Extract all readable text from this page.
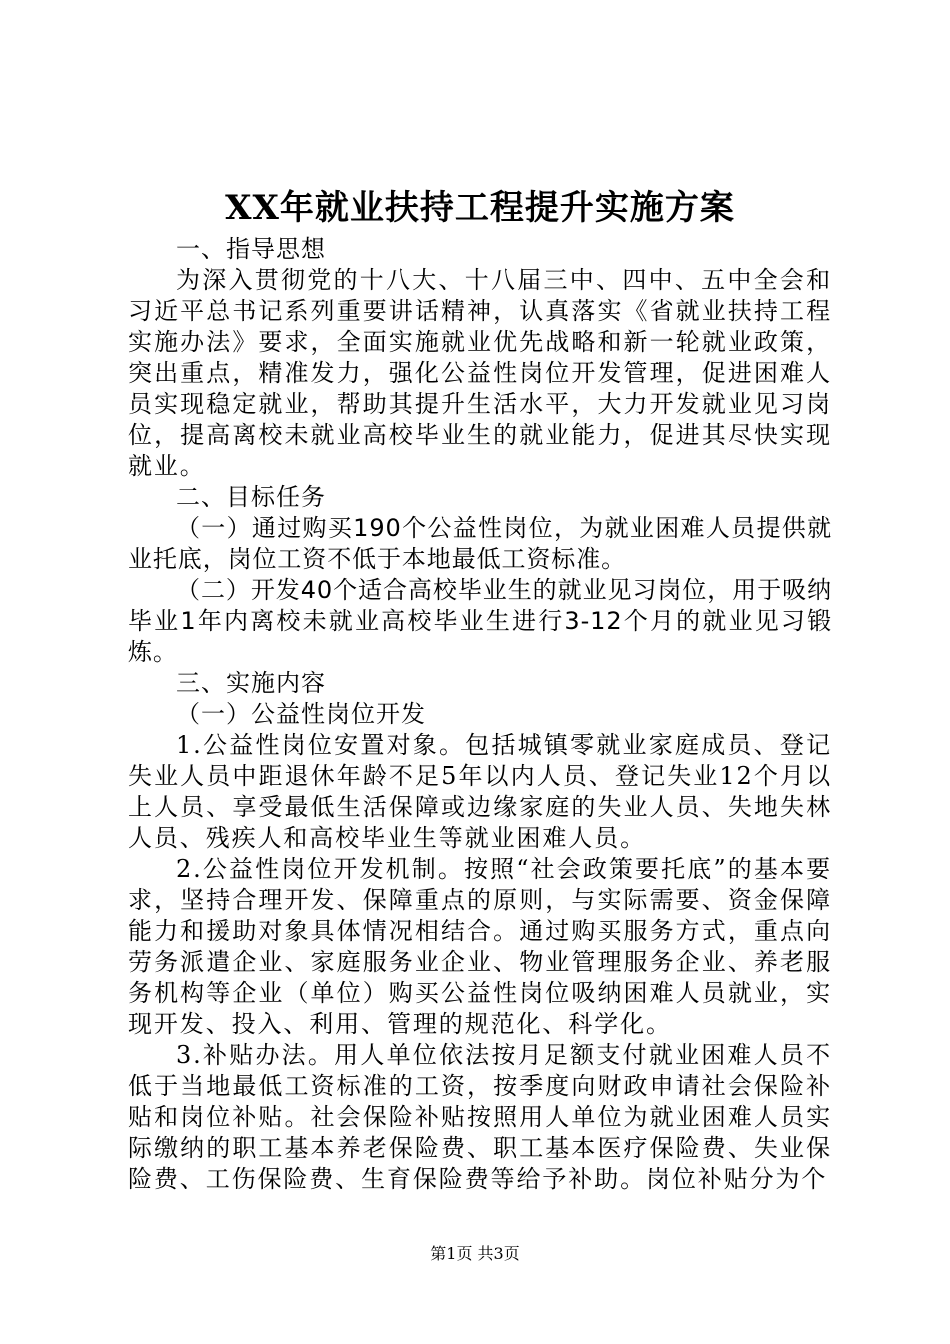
XX年就业扶持工程提升实施方案

一、指导思想

为深入贯彻党的十八大、十八届三中、四中、五中全会和习近平总书记系列重要讲话精神，认真落实《省就业扶持工程实施办法》要求，全面实施就业优先战略和新一轮就业政策，突出重点，精准发力，强化公益性岗位开发管理，促进困难人员实现稳定就业，帮助其提升生活水平，大力开发就业见习岗位，提高离校未就业高校毕业生的就业能力，促进其尽快实现就业。

二、目标任务

（一）通过购买190个公益性岗位，为就业困难人员提供就业托底，岗位工资不低于本地最低工资标准。

（二）开发40个适合高校毕业生的就业见习岗位，用于吸纳毕业1年内离校未就业高校毕业生进行3-12个月的就业见习锻炼。

三、实施内容

（一）公益性岗位开发

1.公益性岗位安置对象。包括城镇零就业家庭成员、登记失业人员中距退休年龄不足5年以内人员、登记失业12个月以上人员、享受最低生活保障或边缘家庭的失业人员、失地失林人员、残疾人和高校毕业生等就业困难人员。

2.公益性岗位开发机制。按照“社会政策要托底”的基本要求，坚持合理开发、保障重点的原则，与实际需要、资金保障能力和援助对象具体情况相结合。通过购买服务方式，重点向劳务派遣企业、家庭服务业企业、物业管理服务企业、养老服务机构等企业（单位）购买公益性岗位吸纳困难人员就业，实现开发、投入、利用、管理的规范化、科学化。

3.补贴办法。用人单位依法按月足额支付就业困难人员不低于当地最低工资标准的工资，按季度向财政申请社会保险补贴和岗位补贴。社会保险补贴按照用人单位为就业困难人员实际缴纳的职工基本养老保险费、职工基本医疗保险费、失业保险费、工伤保险费、生育保险费等给予补助。岗位补贴分为个

第1页 共3页
